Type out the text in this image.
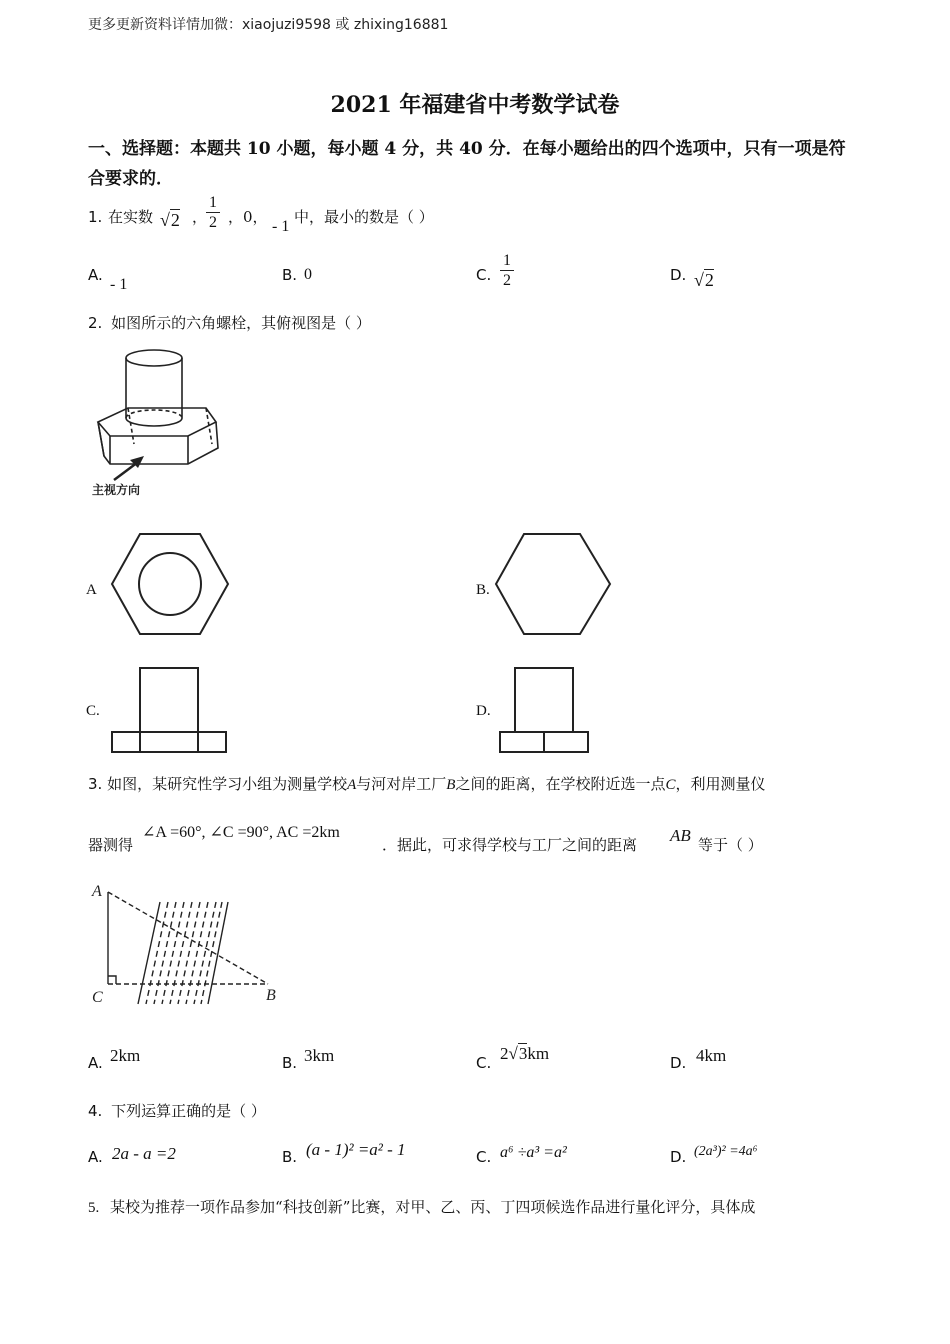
更多更新资料详情加微：xiaojuzi9598 或 zhixing16881
2021 年福建省中考数学试卷
一、选择题：本题共 10 小题，每小题 4 分，共 40 分．在每小题给出的四个选项中，只有一项是符合要求的．
1. 在实数 √2 ，
$\frac{1}{2}$ ，0，
- 1
中，最小的数是（ ）
A.
- 1
B. 0	C. $\frac{1}{2}$	D. √2
2. 如图所示的六角螺栓，其俯视图是（ ）
主视方向
A	B.
C.	D.
3. 如图，某研究性学习小组为测量学校A与河对岸工厂B之间的距离，在学校附近选一点C，利用测量仪
器测得
∠A =60°, ∠C =90°, AC =2km
．据此，可求得学校与工厂之间的距离 AB 等于（ ）
A
C	B
A. 2km	B. 3km	C. 2√3km	D. 4km
4. 下列运算正确的是（ ）
A. 2a - a =2	B. (a - 1)² =a² - 1	C. a⁶ ÷a³ =a²	D. (2a³)² =4a⁶
5. 某校为推荐一项作品参加“科技创新”比赛，对甲、乙、丙、丁四项候选作品进行量化评分，具体成
